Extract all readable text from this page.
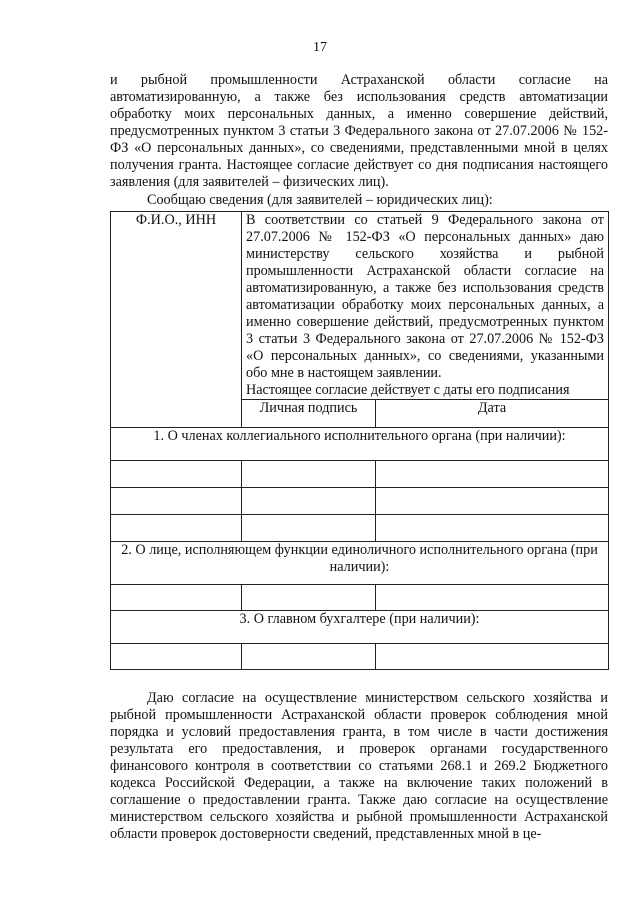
17
и рыбной промышленности Астраханской области согласие на автоматизированную, а также без использования средств автоматизации обработку моих персональных данных, а именно совершение действий, предусмотренных пунктом 3 статьи 3 Федерального закона от 27.07.2006 № 152-ФЗ «О персональных данных», со сведениями, представленными мной в целях получения гранта. Настоящее согласие действует со дня подписания настоящего заявления (для заявителей – физических лиц).
Сообщаю сведения (для заявителей – юридических лиц):
Ф.И.О., ИНН	В соответствии со статьей 9 Федерального закона от 27.07.2006 № 152-ФЗ «О персональных данных» даю министерству сельского хозяйства и рыбной промышленности Астраханской области согласие на автоматизированную, а также без использования средств автоматизации обработку моих персональных данных, а именно совершение действий, предусмотренных пунктом 3 статьи 3 Федерального закона от 27.07.2006 № 152-ФЗ «О персональных данных», со сведениями, указанными обо мне в настоящем заявлении.
Настоящее согласие действует с даты его подписания	

	Личная подпись	Дата
1. О членах коллегиального исполнительного органа (при наличии):		

2. О лице, исполняющем функции единоличного исполнительного органа (при наличии):		

3. О главном бухгалтере (при наличии):		

Даю согласие на осуществление министерством сельского хозяйства и рыбной промышленности Астраханской области проверок соблюдения мной порядка и условий предоставления гранта, в том числе в части достижения результата его предоставления, и проверок органами государственного финансового контроля в соответствии со статьями 268.1 и 269.2 Бюджетного кодекса Российской Федерации, а также на включение таких положений в соглашение о предоставлении гранта. Также даю согласие на осуществление министерством сельского хозяйства и рыбной промышленности Астраханской области проверок достоверности сведений, представленных мной в це-
